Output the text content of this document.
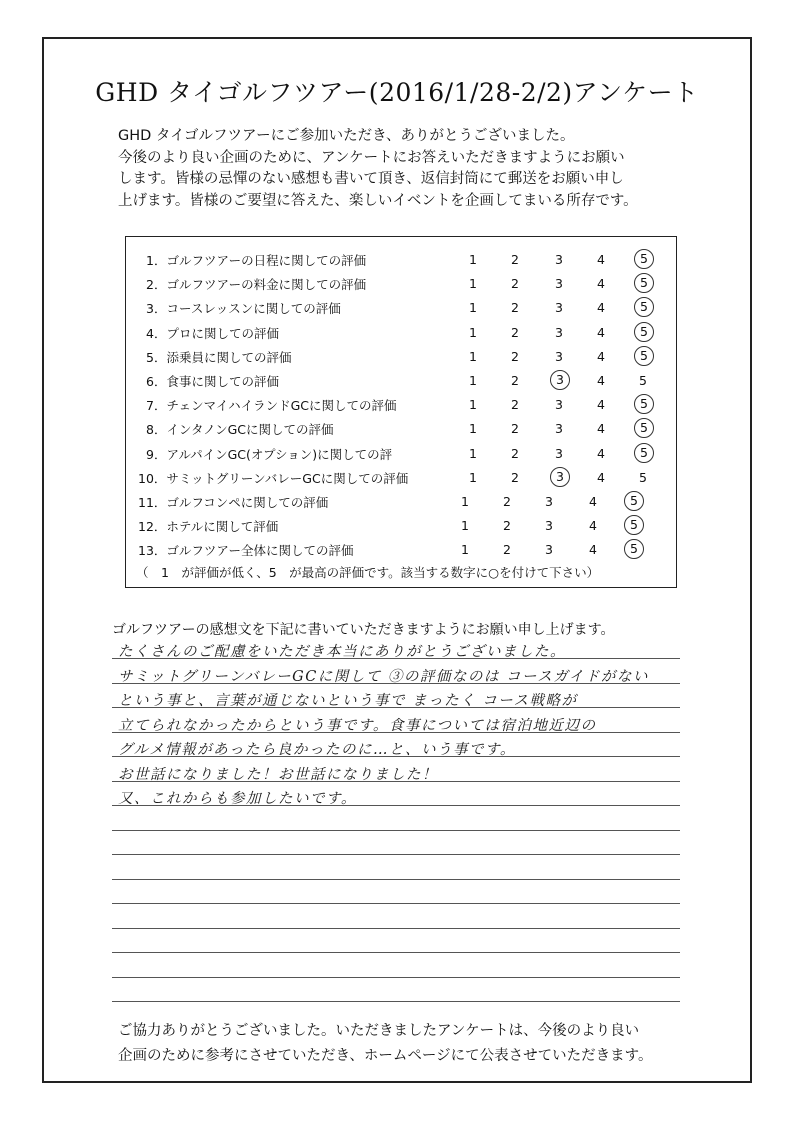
GHD タイゴルフツアー(2016/1/28-2/2)アンケート

GHD タイゴルフツアーにご参加いただき、ありがとうございました。

今後のより良い企画のために、アンケートにお答えいただきますようにお願い

します。皆様の忌憚のない感想も書いて頂き、返信封筒にて郵送をお願い申し

上げます。皆様のご要望に答えた、楽しいイベントを企画してまいる所存です。

（　1　が評価が低く、5　が最高の評価です。該当する数字に○を付けて下さい）
1．ゴルフツアーの日程に関しての評価	1	2	3	4	5
2．ゴルフツアーの料金に関しての評価	1	2	3	4	5
3．コースレッスンに関しての評価	1	2	3	4	5
4．プロに関しての評価	1	2	3	4	5
5．添乗員に関しての評価	1	2	3	4	5
6．食事に関しての評価	1	2	3	4	5
7．チェンマイハイランドGCに関しての評価	1	2	3	4	5
8．インタノンGCに関しての評価	1	2	3	4	5
9．アルパインGC(オプション)に関しての評	1	2	3	4	5
10．サミットグリーンバレーGCに関しての評価	1	2	3	4	5
11．ゴルフコンペに関しての評価	1	2	3	4	5
12．ホテルに関して評価	1	2	3	4	5
13．ゴルフツアー全体に関しての評価	1	2	3	4	5
ゴルフツアーの感想文を下記に書いていただきますようにお願い申し上げます。
たくさんのご配慮をいただき本当にありがとうございました。
サミットグリーンバレーGCに関して ③の評価なのは コースガイドがない
という事と、言葉が通じないという事で まったく コース戦略が
立てられなかったからという事です。食事については宿泊地近辺の
グルメ情報があったら良かったのに…と、いう事です。
お世話になりました！お世話になりました！
又、これからも参加したいです。

ご協力ありがとうございました。いただきましたアンケートは、今後のより良い

企画のために参考にさせていただき、ホームページにて公表させていただきます。
